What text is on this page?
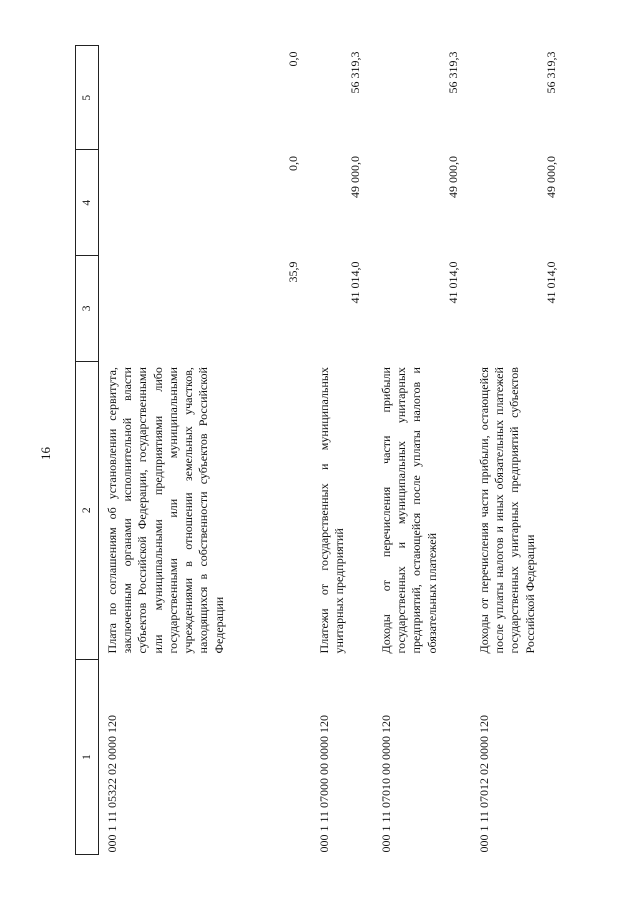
16
1	2	3	4	5
000 1 11 05322 02 0000 120	Плата по соглашениям об установлении сервитута, заключенным органами исполнительной власти субъектов Российской Федерации, государственными или муниципальными предприятиями либо государственными или муниципальными учреждениями в отношении земельных участков, находящихся в собственности субъектов Российской Федерации	35,9	0,0	0,0
000 1 11 07000 00 0000 120	Платежи от государственных и муниципальных унитарных предприятий	41 014,0	49 000,0	56 319,3
000 1 11 07010 00 0000 120	Доходы от перечисления части прибыли государственных и муниципальных унитарных предприятий, остающейся после уплаты налогов и обязательных платежей	41 014,0	49 000,0	56 319,3
000 1 11 07012 02 0000 120	Доходы от перечисления части прибыли, остающейся после уплаты налогов и иных обязательных платежей государственных унитарных предприятий субъектов Российской Федерации	41 014,0	49 000,0	56 319,3
